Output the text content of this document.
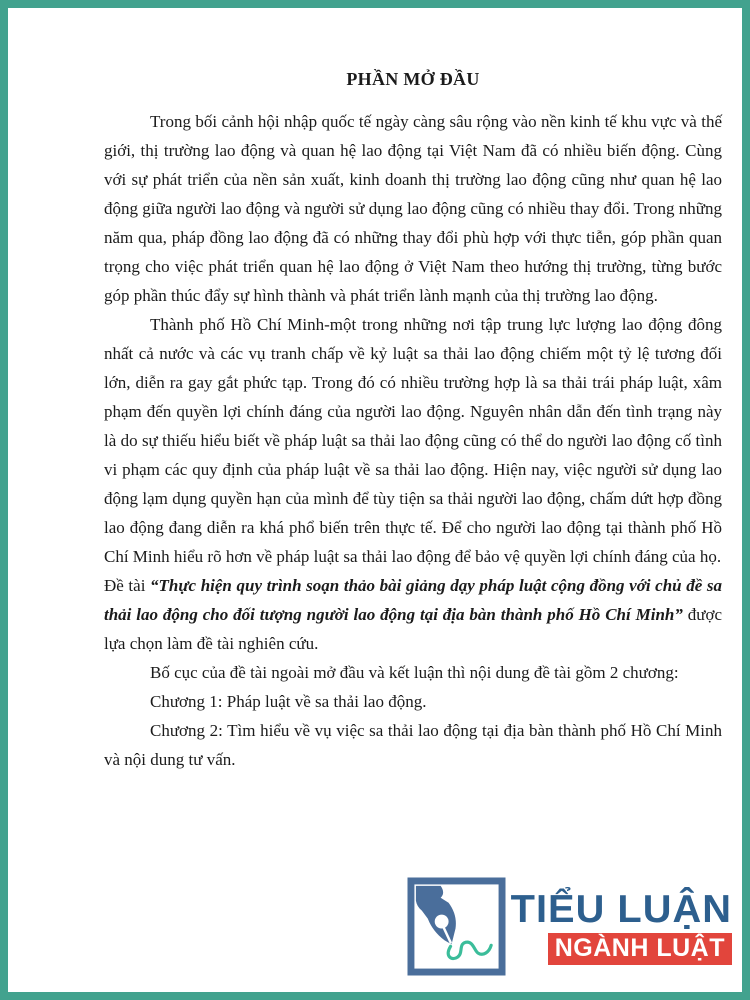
PHẦN MỞ ĐẦU

Trong bối cảnh hội nhập quốc tế ngày càng sâu rộng vào nền kinh tế khu vực và thế giới, thị trường lao động và quan hệ lao động tại Việt Nam đã có nhiều biến động. Cùng với sự phát triển của nền sản xuất, kinh doanh thị trường lao động cũng như quan hệ lao động giữa người lao động và người sử dụng lao động cũng có nhiều thay đổi. Trong những năm qua, pháp đồng lao động đã có những thay đổi phù hợp với thực tiễn, góp phần quan trọng cho việc phát triển quan hệ lao động ở Việt Nam theo hướng thị trường, từng bước góp phần thúc đẩy sự hình thành và phát triển lành mạnh của thị trường lao động.

Thành phố Hồ Chí Minh-một trong những nơi tập trung lực lượng lao động đông nhất cả nước và các vụ tranh chấp về kỷ luật sa thải lao động chiếm một tỷ lệ tương đối lớn, diễn ra gay gắt phức tạp. Trong đó có nhiều trường hợp là sa thải trái pháp luật, xâm phạm đến quyền lợi chính đáng của người lao động. Nguyên nhân dẫn đến tình trạng này là do sự thiếu hiểu biết về pháp luật sa thải lao động cũng có thể do người lao động cố tình vi phạm các quy định của pháp luật về sa thải lao động. Hiện nay, việc người sử dụng lao động lạm dụng quyền hạn của mình để tùy tiện sa thải người lao động, chấm dứt hợp đồng lao động đang diễn ra khá phổ biến trên thực tế. Để cho người lao động tại thành phố Hồ Chí Minh hiểu rõ hơn về pháp luật sa thải lao động để bảo vệ quyền lợi chính đáng của họ.

Đề tài “Thực hiện quy trình soạn thảo bài giảng dạy pháp luật cộng đồng với chủ đề sa thải lao động cho đối tượng người lao động tại địa bàn thành phố Hồ Chí Minh” được lựa chọn làm đề tài nghiên cứu.

Bố cục của đề tài ngoài mở đầu và kết luận thì nội dung đề tài gồm 2 chương:

Chương 1: Pháp luật về sa thải lao động.

Chương 2: Tìm hiểu về vụ việc sa thải lao động tại địa bàn thành phố Hồ Chí Minh và nội dung tư vấn.

TIỂU LUẬN
NGÀNH LUẬT
